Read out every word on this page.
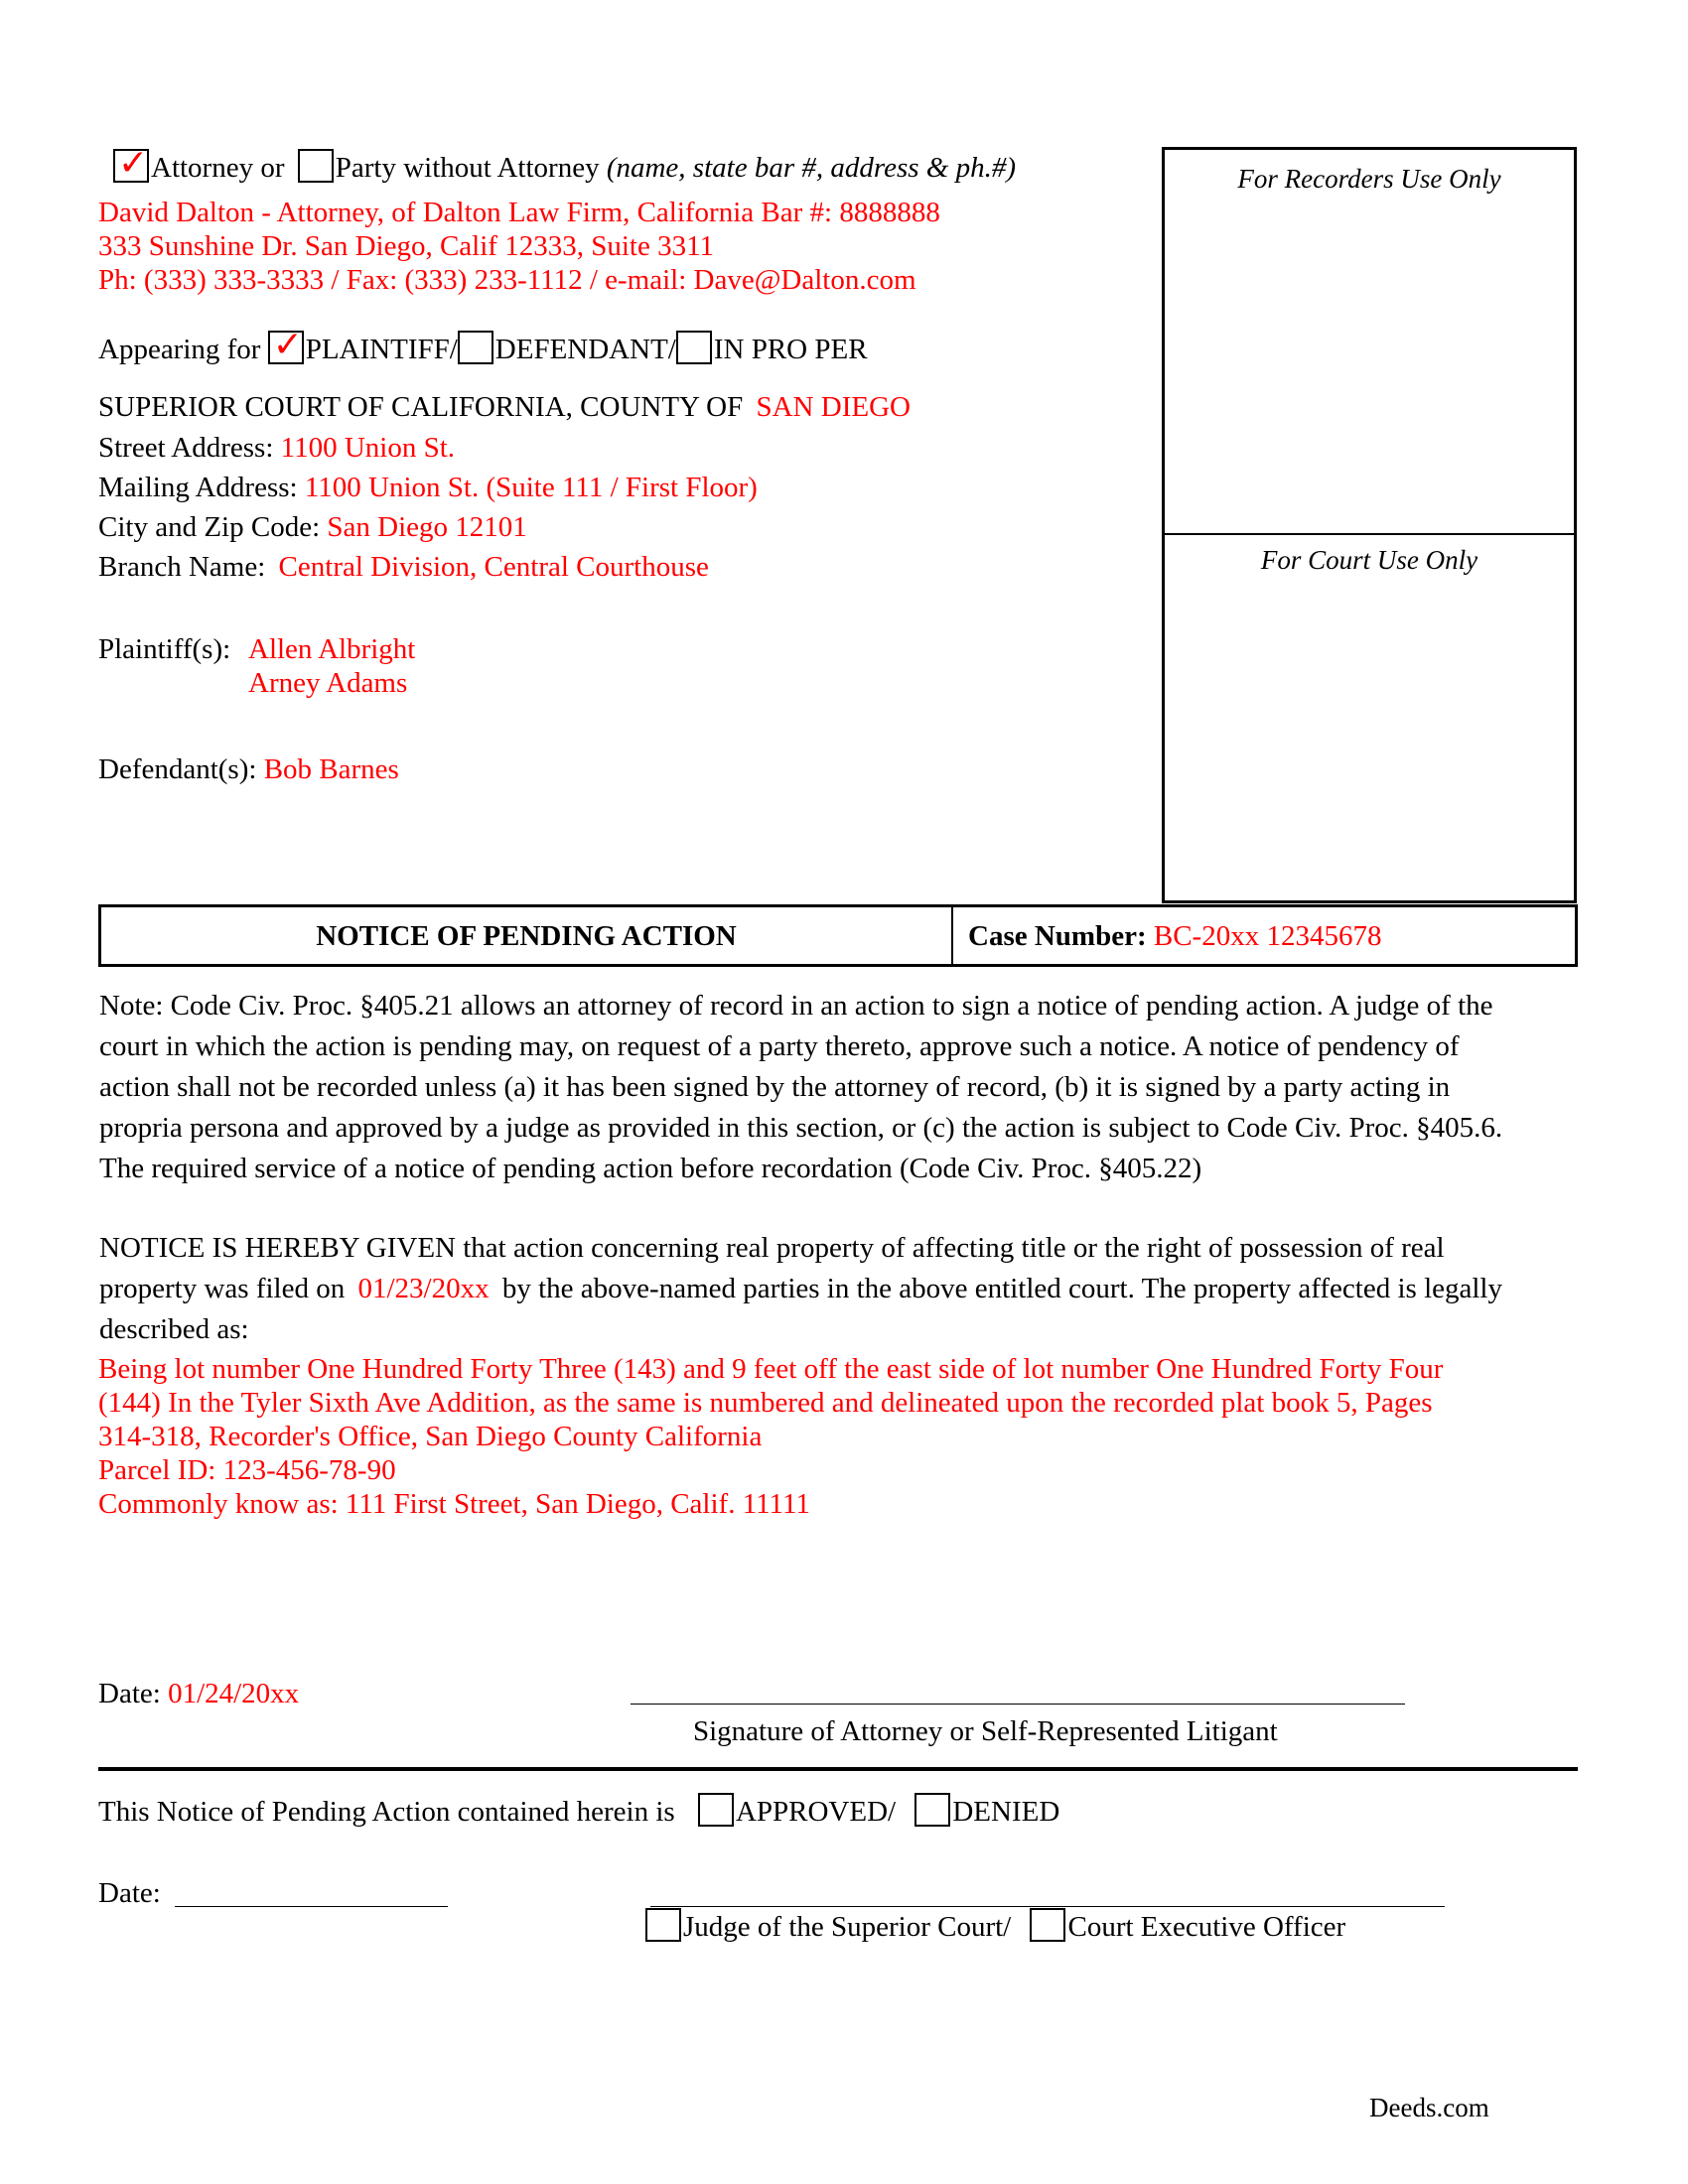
✓ Attorney or Party without Attorney (name, state bar #, address & ph.#)
David Dalton - Attorney, of Dalton Law Firm, California Bar #: 8888888
333 Sunshine Dr. San Diego, Calif 12333, Suite 3311
Ph: (333) 333-3333 / Fax: (333) 233-1112 / e-mail: Dave@Dalton.com
Appearing for ✓ PLAINTIFF/ DEFENDANT/ IN PRO PER
SUPERIOR COURT OF CALIFORNIA, COUNTY OF SAN DIEGO
Street Address: 1100 Union St.
Mailing Address: 1100 Union St. (Suite 111 / First Floor)
City and Zip Code: San Diego 12101
Branch Name: Central Division, Central Courthouse
Plaintiff(s): Allen Albright
Arney Adams
Defendant(s): Bob Barnes
For Recorders Use Only
For Court Use Only
NOTICE OF PENDING ACTION	Case Number: BC-20xx 12345678
Note: Code Civ. Proc. §405.21 allows an attorney of record in an action to sign a notice of pending action. A judge of the
court in which the action is pending may, on request of a party thereto, approve such a notice. A notice of pendency of
action shall not be recorded unless (a) it has been signed by the attorney of record, (b) it is signed by a party acting in
propria persona and approved by a judge as provided in this section, or (c) the action is subject to Code Civ. Proc. §405.6.
The required service of a notice of pending action before recordation (Code Civ. Proc. §405.22)
NOTICE IS HEREBY GIVEN that action concerning real property of affecting title or the right of possession of real
property was filed on 01/23/20xx by the above-named parties in the above entitled court. The property affected is legally
described as:
Being lot number One Hundred Forty Three (143) and 9 feet off the east side of lot number One Hundred Forty Four
(144) In the Tyler Sixth Ave Addition, as the same is numbered and delineated upon the recorded plat book 5, Pages
314-318, Recorder's Office, San Diego County California
Parcel ID: 123-456-78-90
Commonly know as: 111 First Street, San Diego, Calif. 11111
Date: 01/24/20xx
Signature of Attorney or Self-Represented Litigant
This Notice of Pending Action contained herein is APPROVED/ DENIED
Date:
Judge of the Superior Court/ Court Executive Officer
Deeds.com
